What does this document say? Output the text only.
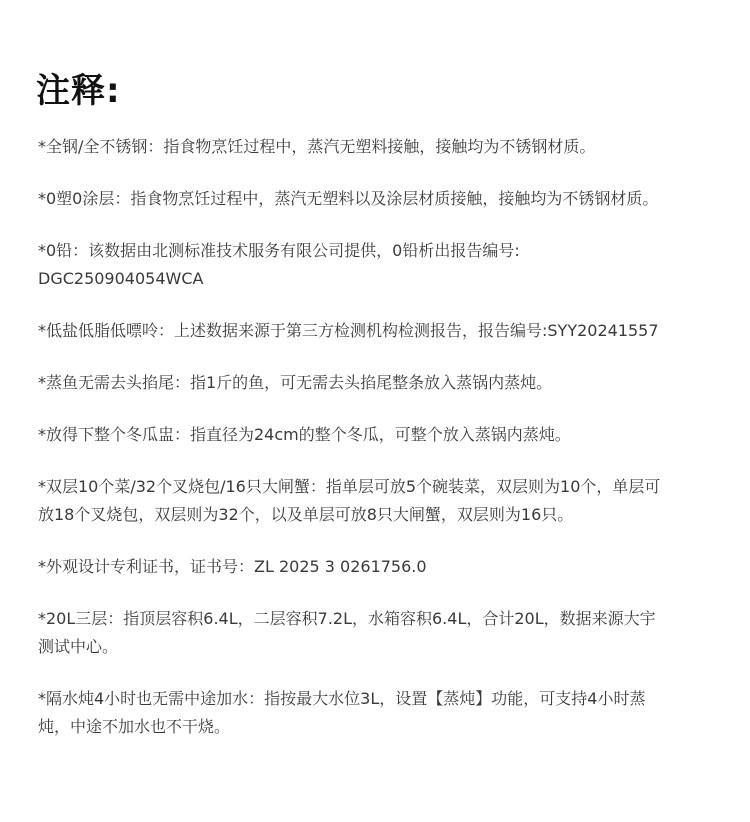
注释:
*全钢/全不锈钢：指食物烹饪过程中，蒸汽无塑料接触，接触均为不锈钢材质。
*0塑0涂层：指食物烹饪过程中，蒸汽无塑料以及涂层材质接触，接触均为不锈钢材质。
*0铅：该数据由北测标准技术服务有限公司提供，0铅析出报告编号:
DGC250904054WCA
*低盐低脂低嘌呤：上述数据来源于第三方检测机构检测报告，报告编号:SYY20241557
*蒸鱼无需去头掐尾：指1斤的鱼，可无需去头掐尾整条放入蒸锅内蒸炖。
*放得下整个冬瓜盅：指直径为24cm的整个冬瓜，可整个放入蒸锅内蒸炖。
*双层10个菜/32个叉烧包/16只大闸蟹：指单层可放5个碗装菜，双层则为10个，单层可
放18个叉烧包，双层则为32个，以及单层可放8只大闸蟹，双层则为16只。
*外观设计专利证书，证书号：ZL 2025 3 0261756.0
*20L三层：指顶层容积6.4L，二层容积7.2L，水箱容积6.4L，合计20L，数据来源大宇
测试中心。
*隔水炖4小时也无需中途加水：指按最大水位3L，设置【蒸炖】功能，可支持4小时蒸
炖，中途不加水也不干烧。
